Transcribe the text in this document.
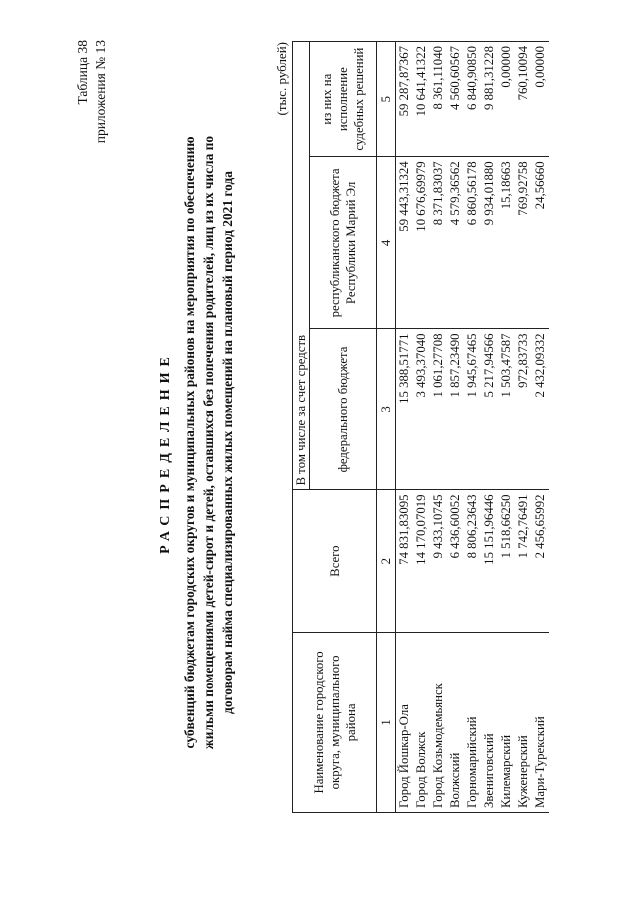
Таблица 38 приложения № 13
РАСПРЕДЕЛЕНИЕ субвенций бюджетам городских округов и муниципальных районов на мероприятия по обеспечению жильми помещениями детей-сирот и детей, оставшихся без попечения родителей, лиц из их числа по договорам найма специализированных жилых помещений на плановый период 2021 года
(тыс. рублей)
Наименование городского округа, муниципального района	Всего	В том числе за счет средств		
		федерального бюджета	республиканского бюджета Республики Марий Эл	из них на исполнение судебных решений
1	2	3	4	5
Город Йошкар-Ола	74 831,83095	15 388,51771	59 443,31324	59 287,87367
Город Волжск	14 170,07019	3 493,37040	10 676,69979	10 641,41322
Город Козьмодемьянск	9 433,10745	1 061,27708	8 371,83037	8 361,11040
Волжский	6 436,60052	1 857,23490	4 579,36562	4 560,60567
Горномарийский	8 806,23643	1 945,67465	6 860,56178	6 840,90850
Звениговский	15 151,96446	5 217,94566	9 934,01880	9 881,31228
Килемарский	1 518,66250	1 503,47587	15,18663	0,00000
Куженерский	1 742,76491	972,83733	769,92758	760,10094
Мари-Турекский	2 456,65992	2 432,09332	24,56660	0,00000
